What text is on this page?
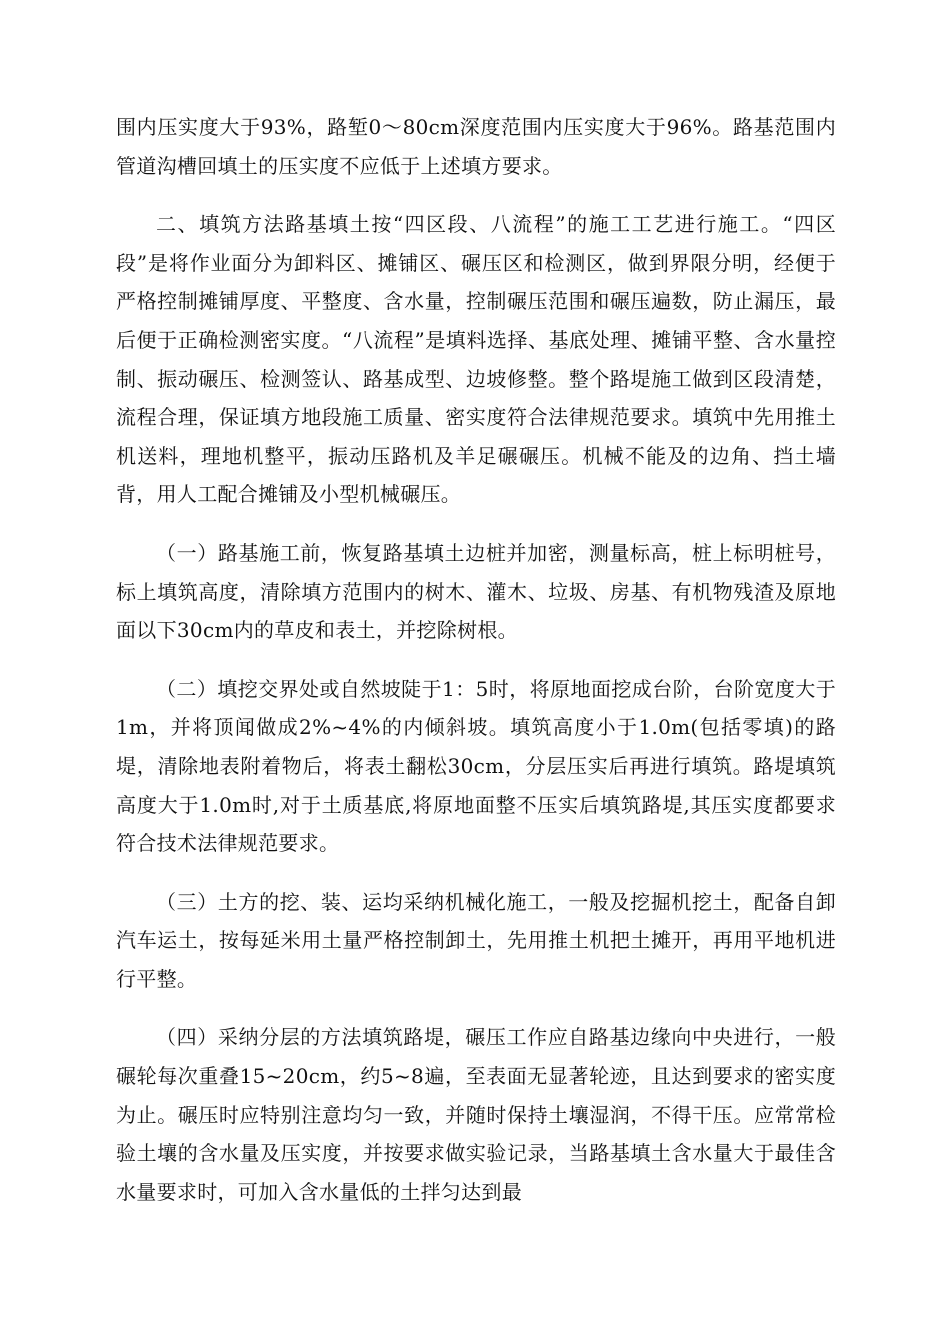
围内压实度大于93%，路堑0～80cm深度范围内压实度大于96%。路基范围内管道沟槽回填土的压实度不应低于上述填方要求。

二、填筑方法路基填土按“四区段、八流程”的施工工艺进行施工。“四区段”是将作业面分为卸料区、摊铺区、碾压区和检测区，做到界限分明，经便于严格控制摊铺厚度、平整度、含水量，控制碾压范围和碾压遍数，防止漏压，最后便于正确检测密实度。“八流程”是填料选择、基底处理、摊铺平整、含水量控制、振动碾压、检测签认、路基成型、边坡修整。整个路堤施工做到区段清楚，流程合理，保证填方地段施工质量、密实度符合法律规范要求。填筑中先用推土机送料，理地机整平，振动压路机及羊足碾碾压。机械不能及的边角、挡土墙背，用人工配合摊铺及小型机械碾压。

（一）路基施工前，恢复路基填土边桩并加密，测量标高，桩上标明桩号，标上填筑高度，清除填方范围内的树木、灌木、垃圾、房基、有机物残渣及原地面以下30cm内的草皮和表土，并挖除树根。

（二）填挖交界处或自然坡陡于1：5时，将原地面挖成台阶，台阶宽度大于1m，并将顶闻做成2%~4%的内倾斜坡。填筑高度小于1.0m(包括零填)的路堤，清除地表附着物后，将表土翻松30cm，分层压实后再进行填筑。路堤填筑高度大于1.0m时,对于土质基底,将原地面整不压实后填筑路堤,其压实度都要求符合技术法律规范要求。

（三）土方的挖、装、运均采纳机械化施工，一般及挖掘机挖土，配备自卸汽车运土，按每延米用土量严格控制卸土，先用推土机把土摊开，再用平地机进行平整。

（四）采纳分层的方法填筑路堤，碾压工作应自路基边缘向中央进行，一般碾轮每次重叠15~20cm，约5~8遍，至表面无显著轮迹，且达到要求的密实度为止。碾压时应特别注意均匀一致，并随时保持土壤湿润，不得干压。应常常检验土壤的含水量及压实度，并按要求做实验记录，当路基填土含水量大于最佳含水量要求时，可加入含水量低的土拌匀达到最
